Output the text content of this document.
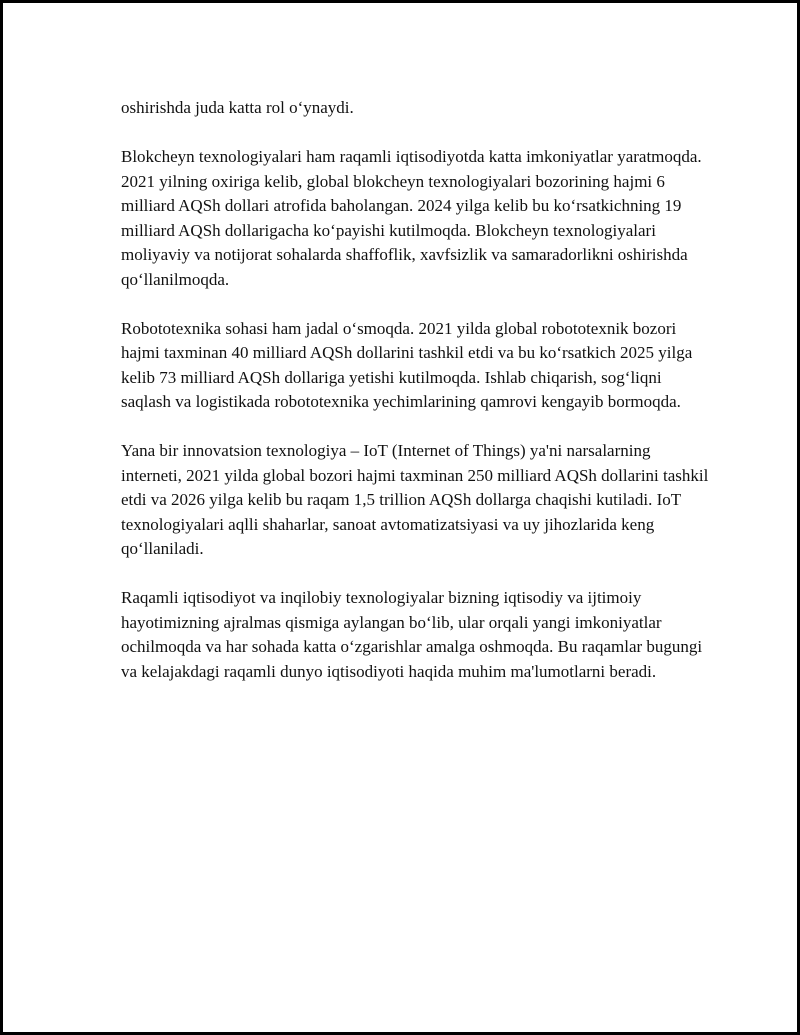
oshirishda juda katta rol o‘ynaydi.

Blokcheyn texnologiyalari ham raqamli iqtisodiyotda katta imkoniyatlar yaratmoqda. 2021 yilning oxiriga kelib, global blokcheyn texnologiyalari bozorining hajmi 6 milliard AQSh dollari atrofida baholangan. 2024 yilga kelib bu ko‘rsatkichning 19 milliard AQSh dollarigacha ko‘payishi kutilmoqda. Blokcheyn texnologiyalari moliyaviy va notijorat sohalarda shaffoflik, xavfsizlik va samaradorlikni oshirishda qo‘llanilmoqda.

Robototexnika sohasi ham jadal o‘smoqda. 2021 yilda global robototexnik bozori hajmi taxminan 40 milliard AQSh dollarini tashkil etdi va bu ko‘rsatkich 2025 yilga kelib 73 milliard AQSh dollariga yetishi kutilmoqda. Ishlab chiqarish, sog‘liqni saqlash va logistikada robototexnika yechimlarining qamrovi kengayib bormoqda.

Yana bir innovatsion texnologiya – IoT (Internet of Things) ya'ni narsalarning interneti, 2021 yilda global bozori hajmi taxminan 250 milliard AQSh dollarini tashkil etdi va 2026 yilga kelib bu raqam 1,5 trillion AQSh dollarga chaqishi kutiladi. IoT texnologiyalari aqlli shaharlar, sanoat avtomatizatsiyasi va uy jihozlarida keng qo‘llaniladi.

Raqamli iqtisodiyot va inqilobiy texnologiyalar bizning iqtisodiy va ijtimoiy hayotimizning ajralmas qismiga aylangan bo‘lib, ular orqali yangi imkoniyatlar ochilmoqda va har sohada katta o‘zgarishlar amalga oshmoqda. Bu raqamlar bugungi va kelajakdagi raqamli dunyo iqtisodiyoti haqida muhim ma'lumotlarni beradi.
